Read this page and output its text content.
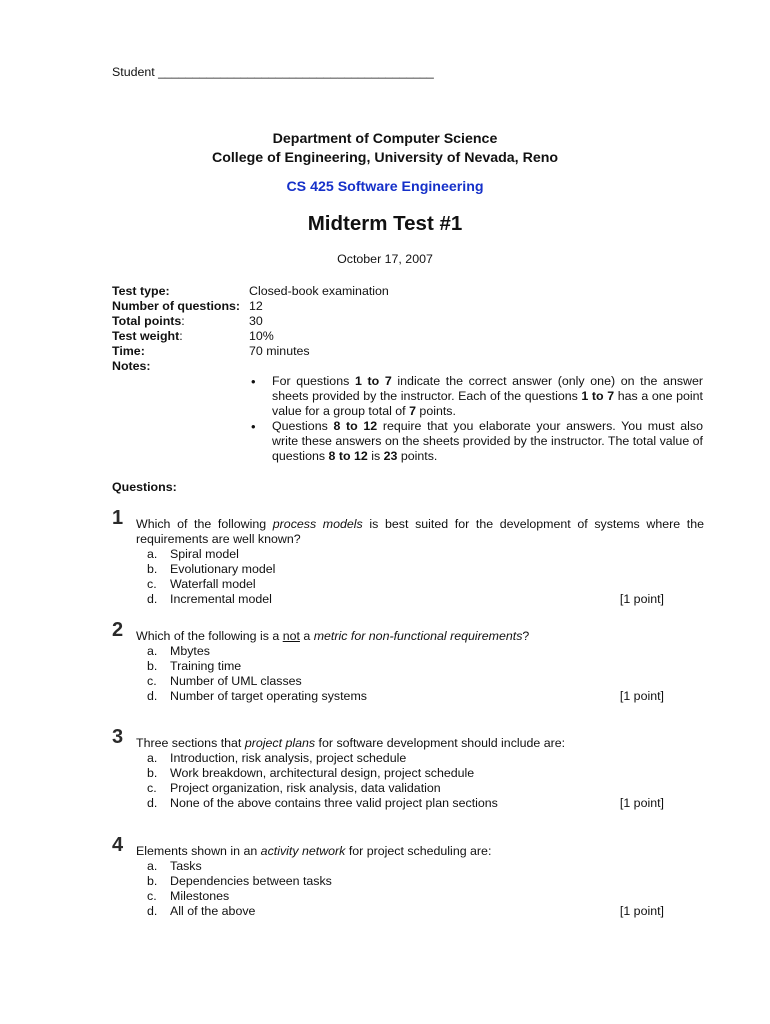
Student ________________________________________
Department of Computer Science
College of Engineering, University of Nevada, Reno
CS 425 Software Engineering
Midterm Test #1
October 17, 2007
Test type:	Closed-book examination
Number of questions: 12
Total points:	30
Test weight:	10%
Time:	70 minutes
Notes:
• For questions 1 to 7 indicate the correct answer (only one) on the answer sheets provided by the instructor. Each of the questions 1 to 7 has a one point value for a group total of 7 points.
• Questions 8 to 12 require that you elaborate your answers. You must also write these answers on the sheets provided by the instructor. The total value of questions 8 to 12 is 23 points.
Questions:
1 Which of the following process models is best suited for the development of systems where the requirements are well known?
a. Spiral model
b. Evolutionary model
c. Waterfall model
d. Incremental model	[1 point]
2 Which of the following is a not a metric for non-functional requirements?
a. Mbytes
b. Training time
c. Number of UML classes
d. Number of target operating systems	[1 point]
3 Three sections that project plans for software development should include are:
a. Introduction, risk analysis, project schedule
b. Work breakdown, architectural design, project schedule
c. Project organization, risk analysis, data validation
d. None of the above contains three valid project plan sections	[1 point]
4 Elements shown in an activity network for project scheduling are:
a. Tasks
b. Dependencies between tasks
c. Milestones
d. All of the above	[1 point]
